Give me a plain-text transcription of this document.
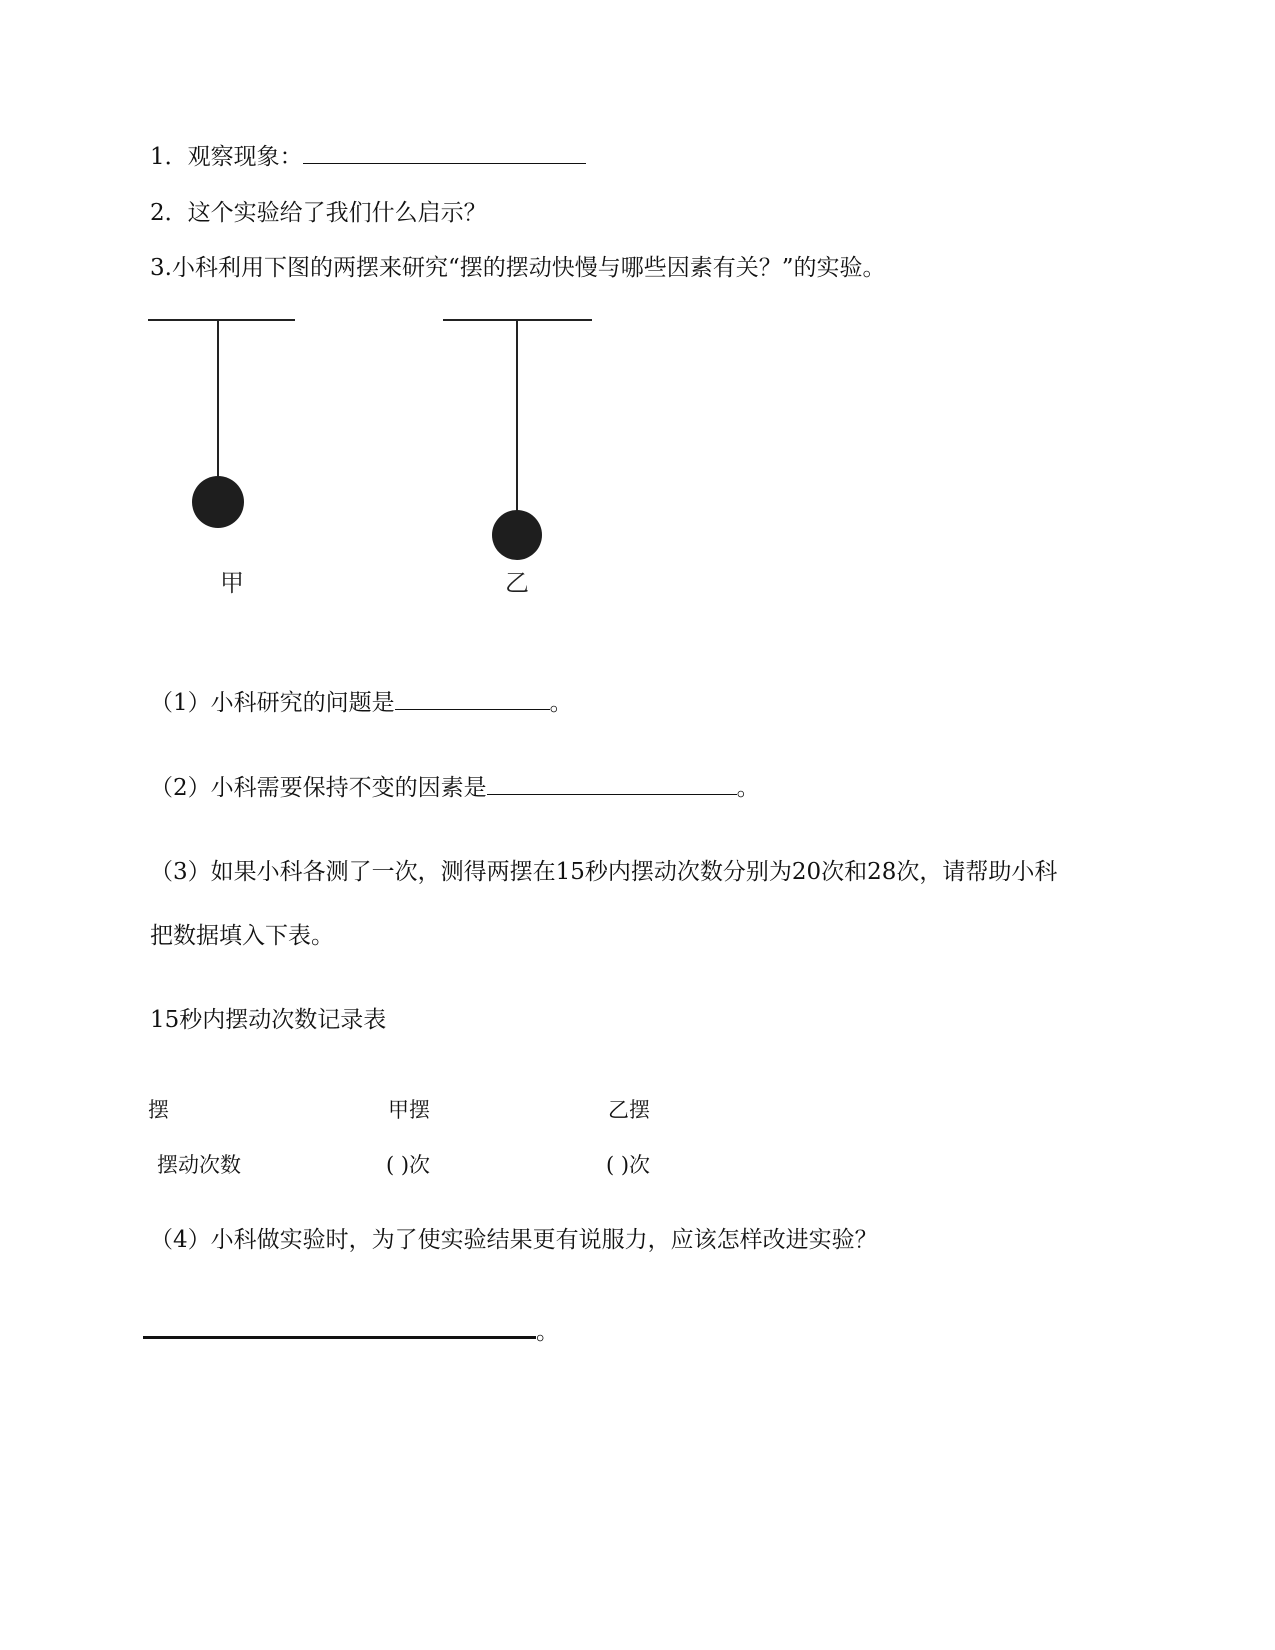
1．观察现象：
2．这个实验给了我们什么启示？
3.小科利用下图的两摆来研究“摆的摆动快慢与哪些因素有关？”的实验。
甲	乙
（1）小科研究的问题是	。
（2）小科需要保持不变的因素是	。
（3）如果小科各测了一次，测得两摆在15秒内摆动次数分别为20次和28次，请帮助小科
把数据填入下表。
15秒内摆动次数记录表
摆	甲摆	乙摆
摆动次数	( )次	( )次
（4）小科做实验时，为了使实验结果更有说服力，应该怎样改进实验？
。
